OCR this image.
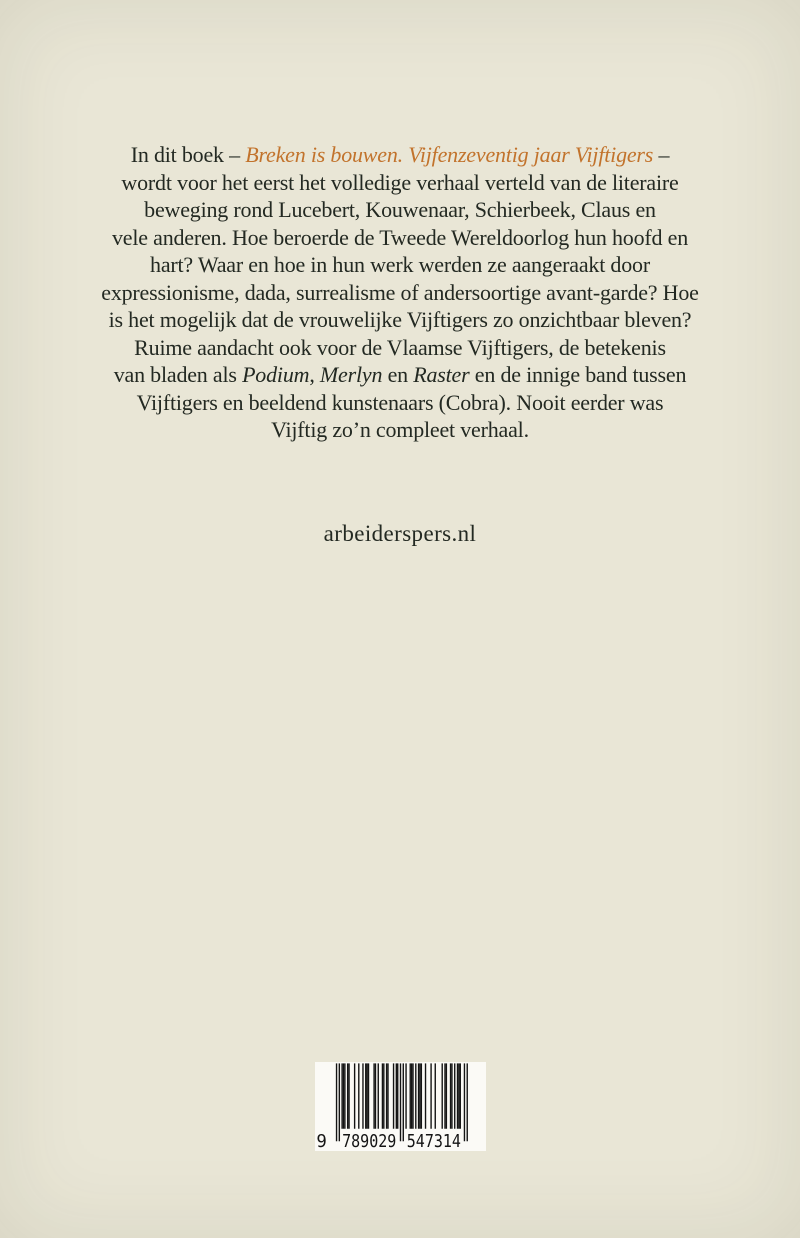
In dit boek – Breken is bouwen. Vijfenzeventig jaar Vijftigers –
wordt voor het eerst het volledige verhaal verteld van de literaire
beweging rond Lucebert, Kouwenaar, Schierbeek, Claus en
vele anderen. Hoe beroerde de Tweede Wereldoorlog hun hoofd en
hart? Waar en hoe in hun werk werden ze aangeraakt door
expressionisme, dada, surrealisme of andersoortige avant-garde? Hoe
is het mogelijk dat de vrouwelijke Vijftigers zo onzichtbaar bleven?
Ruime aandacht ook voor de Vlaamse Vijftigers, de betekenis
van bladen als Podium, Merlyn en Raster en de innige band tussen
Vijftigers en beeldend kunstenaars (Cobra). Nooit eerder was
Vijftig zo’n compleet verhaal.
arbeiderspers.nl
9 789029 547314
